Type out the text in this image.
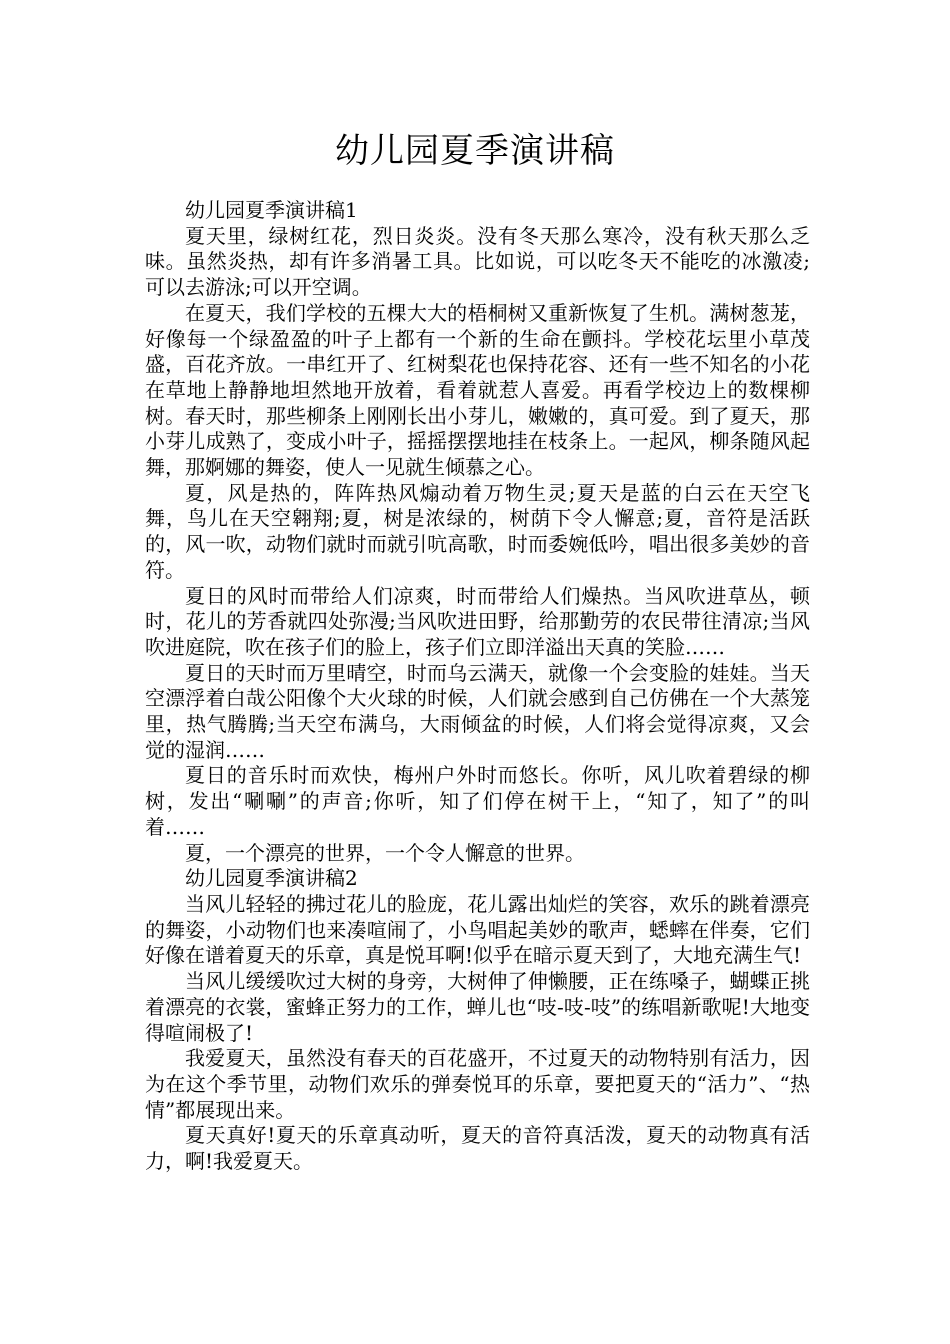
幼儿园夏季演讲稿

幼儿园夏季演讲稿1

夏天里，绿树红花，烈日炎炎。没有冬天那么寒冷，没有秋天那么乏味。虽然炎热，却有许多消暑工具。比如说，可以吃冬天不能吃的冰激凌;可以去游泳;可以开空调。

在夏天，我们学校的五棵大大的梧桐树又重新恢复了生机。满树葱茏，好像每一个绿盈盈的叶子上都有一个新的生命在颤抖。学校花坛里小草茂盛，百花齐放。一串红开了、红树梨花也保持花容、还有一些不知名的小花在草地上静静地坦然地开放着，看着就惹人喜爱。再看学校边上的数棵柳树。春天时，那些柳条上刚刚长出小芽儿，嫩嫩的，真可爱。到了夏天，那小芽儿成熟了，变成小叶子，摇摇摆摆地挂在枝条上。一起风，柳条随风起舞，那婀娜的舞姿，使人一见就生倾慕之心。

夏，风是热的，阵阵热风煽动着万物生灵;夏天是蓝的白云在天空飞舞，鸟儿在天空翱翔;夏，树是浓绿的，树荫下令人懈意;夏，音符是活跃的，风一吹，动物们就时而就引吭高歌，时而委婉低吟，唱出很多美妙的音符。

夏日的风时而带给人们凉爽，时而带给人们燥热。当风吹进草丛，顿时，花儿的芳香就四处弥漫;当风吹进田野，给那勤劳的农民带往清凉;当风吹进庭院，吹在孩子们的脸上，孩子们立即洋溢出天真的笑脸……

夏日的天时而万里晴空，时而乌云满天，就像一个会变脸的娃娃。当天空漂浮着白哉公阳像个大火球的时候，人们就会感到自己仿佛在一个大蒸笼里，热气腾腾;当天空布满乌，大雨倾盆的时候，人们将会觉得凉爽，又会觉的湿润……

夏日的音乐时而欢快，梅州户外时而悠长。你听，风儿吹着碧绿的柳树，发出“唰唰”的声音;你听，知了们停在树干上，“知了，知了”的叫着……

夏，一个漂亮的世界，一个令人懈意的世界。

幼儿园夏季演讲稿2

当风儿轻轻的拂过花儿的脸庞，花儿露出灿烂的笑容，欢乐的跳着漂亮的舞姿，小动物们也来凑喧闹了，小鸟唱起美妙的歌声，蟋蟀在伴奏，它们好像在谱着夏天的乐章，真是悦耳啊!似乎在暗示夏天到了，大地充满生气!

当风儿缓缓吹过大树的身旁，大树伸了伸懒腰，正在练嗓子，蝴蝶正挑着漂亮的衣裳，蜜蜂正努力的工作，蝉儿也“吱-吱-吱”的练唱新歌呢!大地变得喧闹极了!

我爱夏天，虽然没有春天的百花盛开，不过夏天的动物特别有活力，因为在这个季节里，动物们欢乐的弹奏悦耳的乐章，要把夏天的“活力”、“热情”都展现出来。

夏天真好!夏天的乐章真动听，夏天的音符真活泼，夏天的动物真有活力，啊!我爱夏天。
